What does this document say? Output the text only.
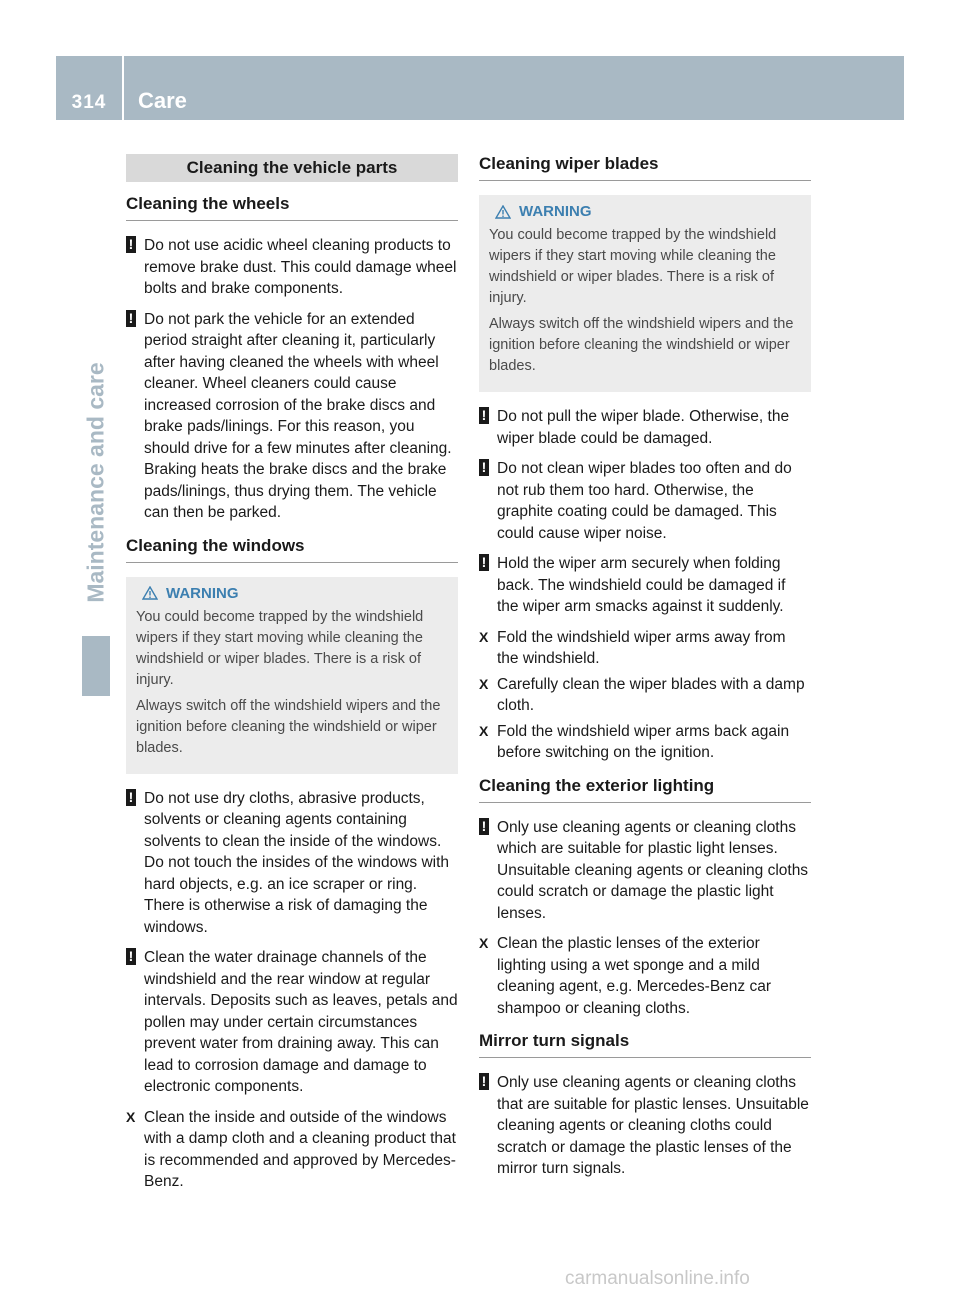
314	Care
Maintenance and care
Cleaning the vehicle parts
Cleaning the wheels
! Do not use acidic wheel cleaning products to remove brake dust. This could damage wheel bolts and brake components.
! Do not park the vehicle for an extended period straight after cleaning it, particularly after having cleaned the wheels with wheel cleaner. Wheel cleaners could cause increased corrosion of the brake discs and brake pads/linings. For this reason, you should drive for a few minutes after cleaning. Braking heats the brake discs and the brake pads/linings, thus drying them. The vehicle can then be parked.
Cleaning the windows
WARNING

You could become trapped by the windshield wipers if they start moving while cleaning the windshield or wiper blades. There is a risk of injury.

Always switch off the windshield wipers and the ignition before cleaning the windshield or wiper blades.

! Do not use dry cloths, abrasive products, solvents or cleaning agents containing solvents to clean the inside of the windows. Do not touch the insides of the windows with hard objects, e.g. an ice scraper or ring. There is otherwise a risk of damaging the windows.
! Clean the water drainage channels of the windshield and the rear window at regular intervals. Deposits such as leaves, petals and pollen may under certain circumstances prevent water from draining away. This can lead to corrosion damage and damage to electronic components.
X Clean the inside and outside of the windows with a damp cloth and a cleaning product that is recommended and approved by Mercedes-Benz.
Cleaning wiper blades
WARNING

You could become trapped by the windshield wipers if they start moving while cleaning the windshield or wiper blades. There is a risk of injury.

Always switch off the windshield wipers and the ignition before cleaning the windshield or wiper blades.

! Do not pull the wiper blade. Otherwise, the wiper blade could be damaged.
! Do not clean wiper blades too often and do not rub them too hard. Otherwise, the graphite coating could be damaged. This could cause wiper noise.
! Hold the wiper arm securely when folding back. The windshield could be damaged if the wiper arm smacks against it suddenly.
X Fold the windshield wiper arms away from the windshield.
X Carefully clean the wiper blades with a damp cloth.
X Fold the windshield wiper arms back again before switching on the ignition.
Cleaning the exterior lighting
! Only use cleaning agents or cleaning cloths which are suitable for plastic light lenses. Unsuitable cleaning agents or cleaning cloths could scratch or damage the plastic light lenses.
X Clean the plastic lenses of the exterior lighting using a wet sponge and a mild cleaning agent, e.g. Mercedes-Benz car shampoo or cleaning cloths.
Mirror turn signals
! Only use cleaning agents or cleaning cloths that are suitable for plastic lenses. Unsuitable cleaning agents or cleaning cloths could scratch or damage the plastic lenses of the mirror turn signals.
carmanualsonline.info
